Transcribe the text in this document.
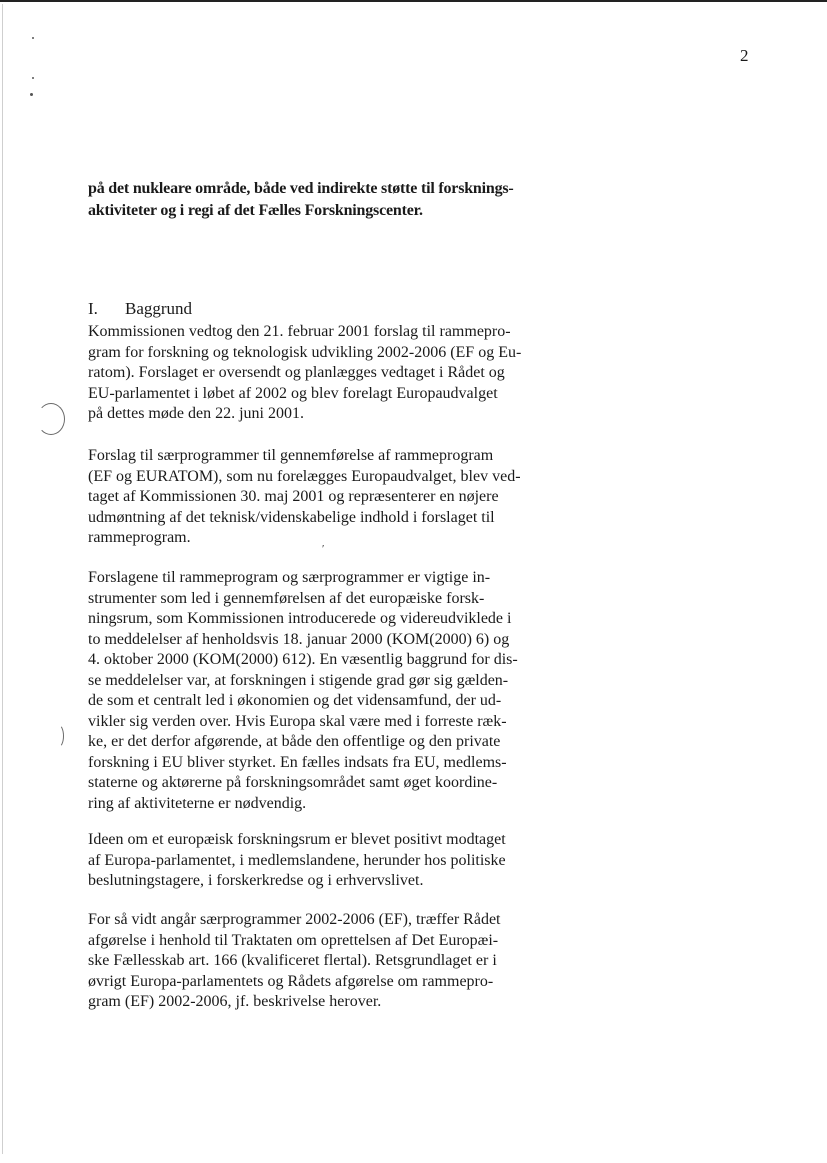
2
på det nukleare område, både ved indirekte støtte til forsknings-
aktiviteter og i regi af det Fælles Forskningscenter.
I.	Baggrund
Kommissionen vedtog den 21. februar 2001 forslag til rammepro-
gram for forskning og teknologisk udvikling 2002-2006 (EF og Eu-
ratom). Forslaget er oversendt og planlægges vedtaget i Rådet og
EU-parlamentet i løbet af 2002 og blev forelagt Europaudvalget
på dettes møde den 22. juni 2001.
Forslag til særprogrammer til gennemførelse af rammeprogram
(EF og EURATOM), som nu forelægges Europaudvalget, blev ved-
taget af Kommissionen 30. maj 2001 og repræsenterer en nøjere
udmøntning af det teknisk/videnskabelige indhold i forslaget til
rammeprogram.
′
Forslagene til rammeprogram og særprogrammer er vigtige in-
strumenter som led i gennemførelsen af det europæiske forsk-
ningsrum, som Kommissionen introducerede og videreudviklede i
to meddelelser af henholdsvis 18. januar 2000 (KOM(2000) 6) og
4. oktober 2000 (KOM(2000) 612). En væsentlig baggrund for dis-
se meddelelser var, at forskningen i stigende grad gør sig gælden-
de som et centralt led i økonomien og det vidensamfund, der ud-
vikler sig verden over. Hvis Europa skal være med i forreste ræk-
ke, er det derfor afgørende, at både den offentlige og den private
forskning i EU bliver styrket. En fælles indsats fra EU, medlems-
staterne og aktørerne på forskningsområdet samt øget koordine-
ring af aktiviteterne er nødvendig.
Ideen om et europæisk forskningsrum er blevet positivt modtaget
af Europa-parlamentet, i medlemslandene, herunder hos politiske
beslutningstagere, i forskerkredse og i erhvervslivet.
For så vidt angår særprogrammer 2002-2006 (EF), træffer Rådet
afgørelse i henhold til Traktaten om oprettelsen af Det Europæi-
ske Fællesskab art. 166 (kvalificeret flertal). Retsgrundlaget er i
øvrigt Europa-parlamentets og Rådets afgørelse om rammepro-
gram (EF) 2002-2006, jf. beskrivelse herover.
